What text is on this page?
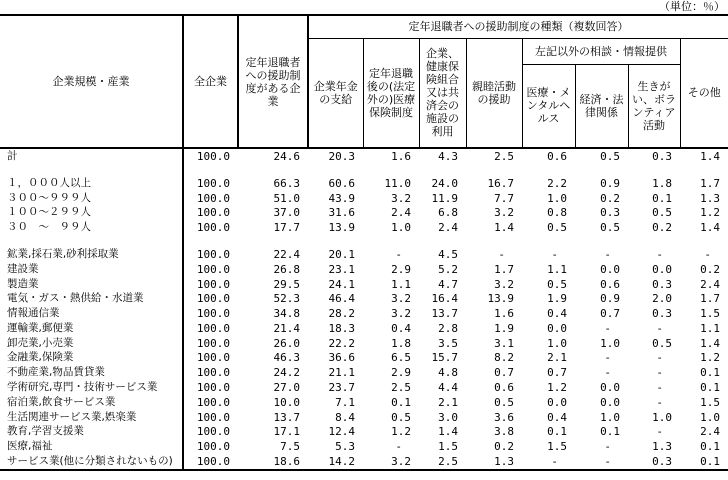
（単位：％）
企業規模・産業	全企業	定年退職者への援助制度がある企業	定年退職者への援助制度の種類（複数回答）							
			企業年金の支給	定年退職後の(法定外の)医療保険制度	企業、健康保険組合又は共済会の施設の利用	親睦活動の援助	左記以外の相談・情報提供			その他
							医療・メンタルヘルス	経済・法律関係	生きがい、ボランティア活動	
計	100.0	24.6	20.3	1.6	4.3	2.5	0.6	0.5	0.3	1.4

１，０００人以上	100.0	66.3	60.6	11.0	24.0	16.7	2.2	0.9	1.8	1.7
３００～９９９人	100.0	51.0	43.9	3.2	11.9	7.7	1.0	0.2	0.1	1.3
１００～２９９人	100.0	37.0	31.6	2.4	6.8	3.2	0.8	0.3	0.5	1.2
３０　～　９９人	100.0	17.7	13.9	1.0	2.4	1.4	0.5	0.5	0.2	1.4

鉱業,採石業,砂利採取業	100.0	22.4	20.1	-	4.5	-	-	-	-	-
建設業	100.0	26.8	23.1	2.9	5.2	1.7	1.1	0.0	0.0	0.2
製造業	100.0	29.5	24.1	1.1	4.7	3.2	0.5	0.6	0.3	2.4
電気・ガス・熱供給・水道業	100.0	52.3	46.4	3.2	16.4	13.9	1.9	0.9	2.0	1.7
情報通信業	100.0	34.8	28.2	3.2	13.7	1.6	0.4	0.7	0.3	1.5
運輸業,郵便業	100.0	21.4	18.3	0.4	2.8	1.9	0.0	-	-	1.1
卸売業,小売業	100.0	26.0	22.2	1.8	3.5	3.1	1.0	1.0	0.5	1.4
金融業,保険業	100.0	46.3	36.6	6.5	15.7	8.2	2.1	-	-	1.2
不動産業,物品賃貸業	100.0	24.2	21.1	2.9	4.8	0.7	0.7	-	-	0.1
学術研究,専門・技術サービス業	100.0	27.0	23.7	2.5	4.4	0.6	1.2	0.0	-	0.1
宿泊業,飲食サービス業	100.0	10.0	7.1	0.1	2.1	0.5	0.0	0.0	-	1.5
生活関連サービス業,娯楽業	100.0	13.7	8.4	0.5	3.0	3.6	0.4	1.0	1.0	1.0
教育,学習支援業	100.0	17.1	12.4	1.2	1.4	3.8	0.1	0.1	-	2.4
医療,福祉	100.0	7.5	5.3	-	1.5	0.2	1.5	-	1.3	0.1
サービス業(他に分類されないもの)	100.0	18.6	14.2	3.2	2.5	1.3	-	-	0.3	0.1
